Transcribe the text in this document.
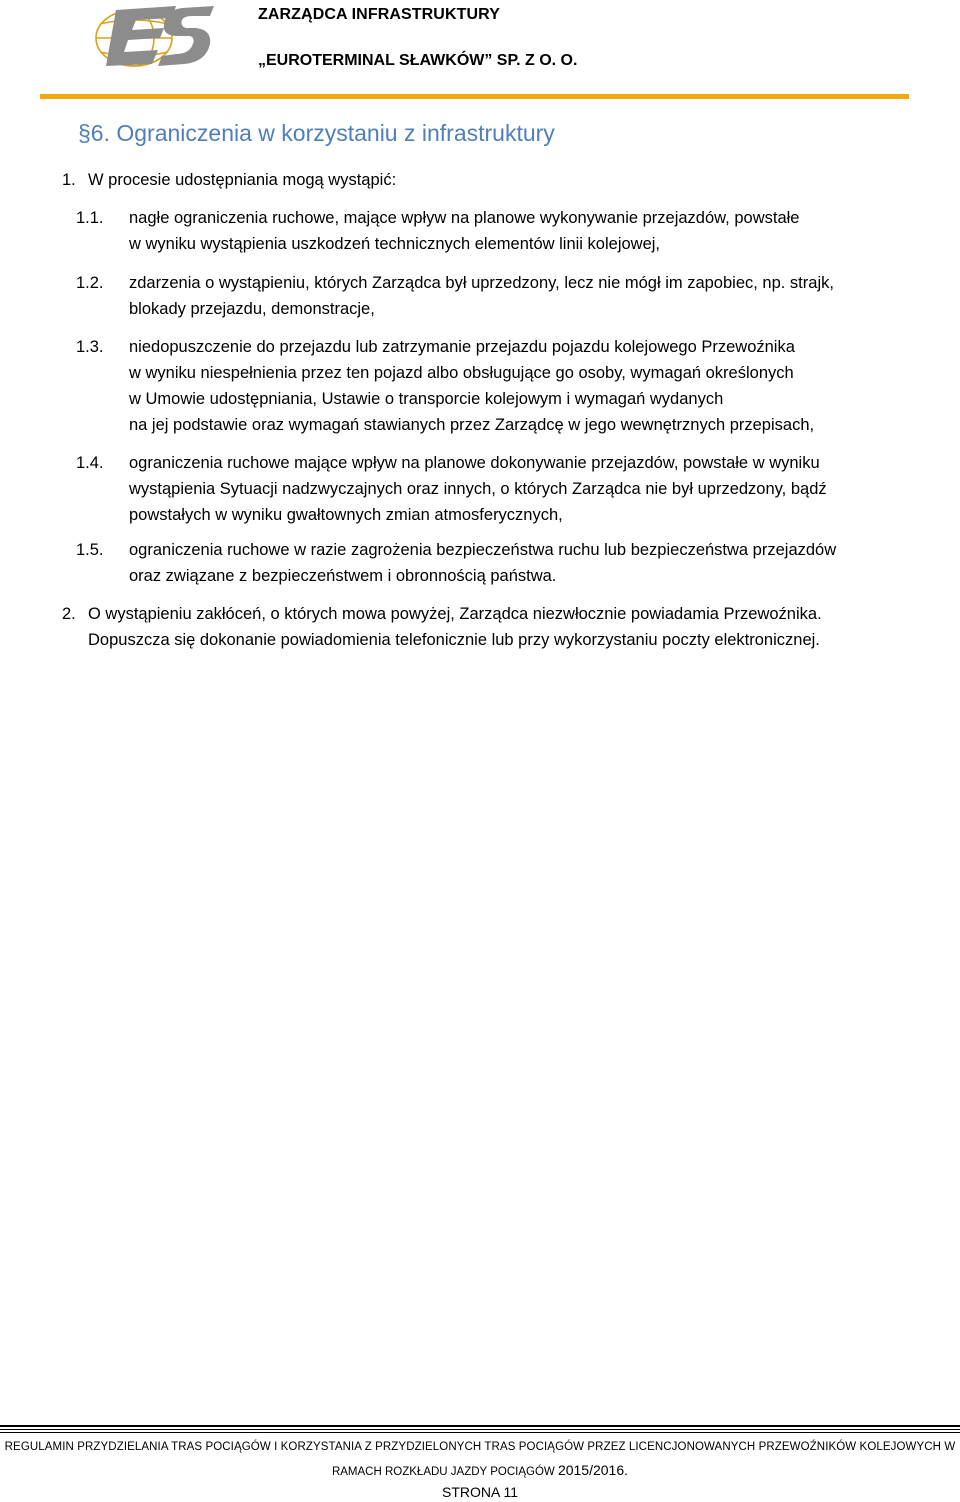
ZARZĄDCA INFRASTRUKTURY
„EUROTERMINAL SŁAWKÓW” SP. Z O. O.
§6. Ograniczenia w korzystaniu z infrastruktury
1. W procesie udostępniania mogą wystąpić:
1.1. nagłe ograniczenia ruchowe, mające wpływ na planowe wykonywanie przejazdów, powstałe
w wyniku wystąpienia uszkodzeń technicznych elementów linii kolejowej,
1.2. zdarzenia o wystąpieniu, których Zarządca był uprzedzony, lecz nie mógł im zapobiec, np. strajk,
blokady przejazdu, demonstracje,
1.3. niedopuszczenie do przejazdu lub zatrzymanie przejazdu pojazdu kolejowego Przewoźnika
w wyniku niespełnienia przez ten pojazd albo obsługujące go osoby, wymagań określonych
w Umowie udostępniania, Ustawie o transporcie kolejowym i wymagań wydanych
na jej podstawie oraz wymagań stawianych przez Zarządcę w jego wewnętrznych przepisach,
1.4. ograniczenia ruchowe mające wpływ na planowe dokonywanie przejazdów, powstałe w wyniku
wystąpienia Sytuacji nadzwyczajnych oraz innych, o których Zarządca nie był uprzedzony, bądź
powstałych w wyniku gwałtownych zmian atmosferycznych,
1.5. ograniczenia ruchowe w razie zagrożenia bezpieczeństwa ruchu lub bezpieczeństwa przejazdów
oraz związane z bezpieczeństwem i obronnością państwa.
2. O wystąpieniu zakłóceń, o których mowa powyżej, Zarządca niezwłocznie powiadamia Przewoźnika.
Dopuszcza się dokonanie powiadomienia telefonicznie lub przy wykorzystaniu poczty elektronicznej.
REGULAMIN PRZYDZIELANIA TRAS POCIĄGÓW I KORZYSTANIA Z PRZYDZIELONYCH TRAS POCIĄGÓW PRZEZ LICENCJONOWANYCH PRZEWOŹNIKÓW KOLEJOWYCH W
RAMACH ROZKŁADU JAZDY POCIĄGÓW 2015/2016.
STRONA 11
